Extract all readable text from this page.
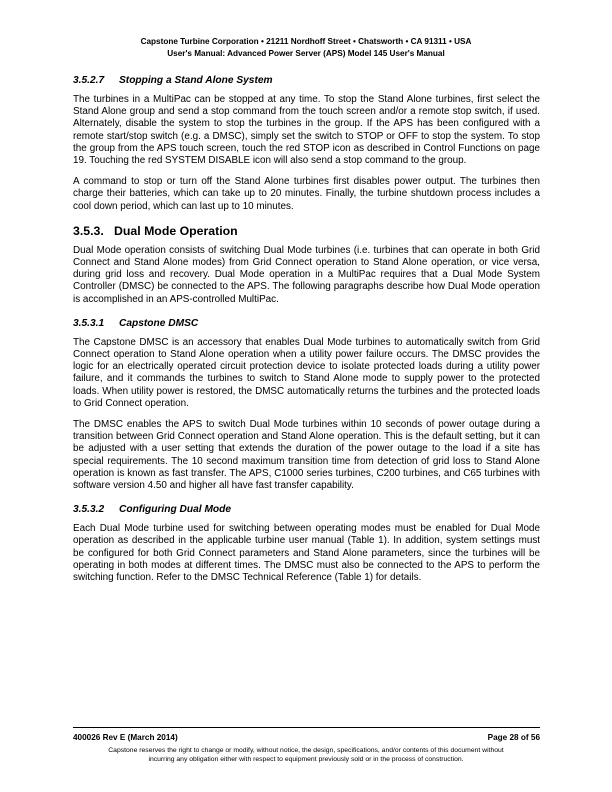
Capstone Turbine Corporation • 21211 Nordhoff Street • Chatsworth • CA 91311 • USA
User's Manual: Advanced Power Server (APS) Model 145 User's Manual
3.5.2.7 Stopping a Stand Alone System

The turbines in a MultiPac can be stopped at any time. To stop the Stand Alone turbines, first select the Stand Alone group and send a stop command from the touch screen and/or a remote stop switch, if used. Alternately, disable the system to stop the turbines in the group. If the APS has been configured with a remote start/stop switch (e.g. a DMSC), simply set the switch to STOP or OFF to stop the system. To stop the group from the APS touch screen, touch the red STOP icon as described in Control Functions on page 19. Touching the red SYSTEM DISABLE icon will also send a stop command to the group.

A command to stop or turn off the Stand Alone turbines first disables power output. The turbines then charge their batteries, which can take up to 20 minutes. Finally, the turbine shutdown process includes a cool down period, which can last up to 10 minutes.

3.5.3. Dual Mode Operation

Dual Mode operation consists of switching Dual Mode turbines (i.e. turbines that can operate in both Grid Connect and Stand Alone modes) from Grid Connect operation to Stand Alone operation, or vice versa, during grid loss and recovery. Dual Mode operation in a MultiPac requires that a Dual Mode System Controller (DMSC) be connected to the APS. The following paragraphs describe how Dual Mode operation is accomplished in an APS-controlled MultiPac.

3.5.3.1 Capstone DMSC

The Capstone DMSC is an accessory that enables Dual Mode turbines to automatically switch from Grid Connect operation to Stand Alone operation when a utility power failure occurs. The DMSC provides the logic for an electrically operated circuit protection device to isolate protected loads during a utility power failure, and it commands the turbines to switch to Stand Alone mode to supply power to the protected loads. When utility power is restored, the DMSC automatically returns the turbines and the protected loads to Grid Connect operation.

The DMSC enables the APS to switch Dual Mode turbines within 10 seconds of power outage during a transition between Grid Connect operation and Stand Alone operation. This is the default setting, but it can be adjusted with a user setting that extends the duration of the power outage to the load if a site has special requirements. The 10 second maximum transition time from detection of grid loss to Stand Alone operation is known as fast transfer. The APS, C1000 series turbines, C200 turbines, and C65 turbines with software version 4.50 and higher all have fast transfer capability.

3.5.3.2 Configuring Dual Mode

Each Dual Mode turbine used for switching between operating modes must be enabled for Dual Mode operation as described in the applicable turbine user manual (Table 1). In addition, system settings must be configured for both Grid Connect parameters and Stand Alone parameters, since the turbines will be operating in both modes at different times. The DMSC must also be connected to the APS to perform the switching function. Refer to the DMSC Technical Reference (Table 1) for details.

400026 Rev E (March 2014)	Page 28 of 56
Capstone reserves the right to change or modify, without notice, the design, specifications, and/or contents of this document without
incurring any obligation either with respect to equipment previously sold or in the process of construction.
